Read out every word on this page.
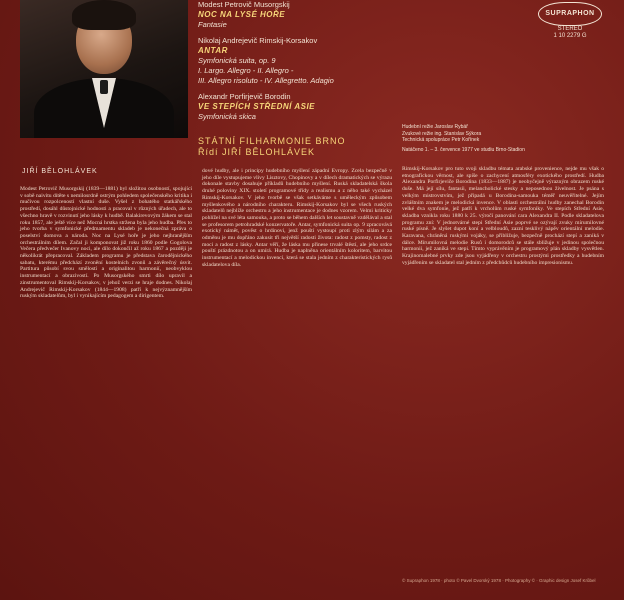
JIŘÍ BĚLOHLÁVEK
Modest Petrovič Musorgskij
NOC NA LYSÉ HOŘE
Fantasie
Nikolaj Andrejevič Rimskij-Korsakov
ANTAR
Symfonická suita, op. 9
I. Largo. Allegro - II. Allegro -
III. Allegro risoluto - IV. Allegretto. Adagio
Alexandr Porfirjevič Borodin
VE STEPÍCH STŘEDNÍ ASIE
Symfonická skica
STÁTNÍ FILHARMONIE BRNO
Řídí JIŘÍ BĚLOHLÁVEK
SUPRAPHON
STEREO
1 10 2279 G
Hudební režie Jaroslav Rybář
Zvukové režie ing. Stanislav Sýkora
Technická spolupráce Petr Kořínek
Natáčeno 1. – 3. července 1977 ve studiu Brno-Stadion
Modest Petrovič Musorgskij (1839—1881) byl složitou osobností, spojující v sobě naivitu dítěte s nemilosrdně ostrým pohledem společenského kritika i mučivou rozpolceností vlastní duše. Vyšel z bohatého statkářského prostředí, dosáhl důstojnické hodnosti a pracoval v různých úřadech, ale to všechno hravě v rozvinutí jeho lásky k hudbě. Balakirevovým žákem se stal roku 1857, ale ještě více než Mocná hrstka stržena byla jeho hudba. Přes to jeho tvorba v symfonické předmamentu skladeb je nekonečná zpráva o poselství domova a národa. Noc na Lysé hoře je jeho nejhranějším orchestrálním dílem. Začal ji komponovat již roku 1860 podle Gogolova Večera předvečer Ivanovy noci, ale dílo dokončil až roku 1867 a později je několikrát přepracoval. Základem programu je představa čarodějnického sabatu, kterému předchází zvonění kostelních zvonů a závěrečný úsvit. Partitura působí svou smělostí a originalitou harmonií, neobvyklou instrumentací a obrazivostí. Po Musorgského smrti dílo upravil a zinstrumentoval Rimskij-Korsakov, v jehož verzi se hraje dodnes. Nikolaj Andrejevič Rimskij-Korsakov (1844—1908) patří k nejvýznamnějším ruským skladatelům, byl i vynikajícím pedagogem a dirigentem.
dové hudby, ale i principy hudebního myšlení západní Evropy. Zcela bezpečně v jeho díle vystupujeme vlivy Lisztovy, Chopinovy a v dílech dramatických se výrazu dokonale stavby dosahuje příkladů hudebního myšlení. Ruská skladatelská škola druhé poloviny XIX. století programové třídy a realismu a z něho také vycházel Rimskij-Korsakov. V jeho tvorbě se však setkáváme s uměleckým způsobem myšlenkového a národního charakteru. Rimskij-Korsakov byl se všech ruských skladatelů nejblíže orchestru a jeho instrumentace je dodnes vzorem. Velmi kriticky pohlížel na své léta samouka, a proto se během dalších let soustavně vzdělával a stal se profesorem petrohradské konzervatoře. Antar, symfonická suita op. 9 zpracovává exotický námět, pověst o hrdinovi, jenž pouští vystoupí proti zlým silám a za odměnu je mu dopřáno zakusit tři největší radosti života: radost z pomsty, radost z moci a radost z lásky. Antar věří, že láska mu přinese trvalé štěstí, ale jeho srdce pouští prázdnotou a on umírá. Hudba je naplněna orientálním koloritem, barvitou instrumentací a melodickou invencí, která se stala jedním z charakteristických rysů skladatelova díla.
Rimskij-Korsakov pro tuto svoji skladbu témata arabské provenience, nejde mu však o etnografickou věrnost, ale spíše o zachycení atmosféry exotického prostředí. Hudba Alexandra Porfirjeviče Borodina (1833—1887) je neobyčejně výrazným obrazem ruské duše. Má její sílu, fantasii, melancholické stesky a neposednou živelnost. Je psána s velkým mistrovstvím, jež připadá u Borodina-samouka téměř neuvěřitelné. Jejím zvláštním znakem je melodická invence. V oblasti orchestrální hudby zanechal Borodin velké dva symfonie, jež patří k vrcholům ruské symfoniky. Ve stepích Střední Asie, skladba vznikla roku 1880 k 25. výročí panování cara Alexandra II. Podle skladatelova programu zní: V jednotvárné stepi Střední Asie poprvé se ozývají zvuky mírumilovné ruské písně. Je slyšet dupot koní a velbloudů, zazní tesklivý nápěv orientální melodie. Karavana, chráněná ruskými vojáky, se přibližuje, bezpečně prochází stepí a zaniká v dálce. Mírumilovná melodie Rusů i domorodců se stále sbližuje v jedinou společnou harmonii, jež zaniká ve stepi. Tímto vyprávěním je programový plán skladby vysvětlen. Krajinomalebné prvky zde jsou vyjádřeny v orchestru prostými prostředky a hudebním vyjádřením se skladatel stal jedním z předchůdců hudebního impresionismu.
© Supraphon 1978 · photo © Pavel Dvorský 1978 · Photography © · Graphic design Josef Krůbel
